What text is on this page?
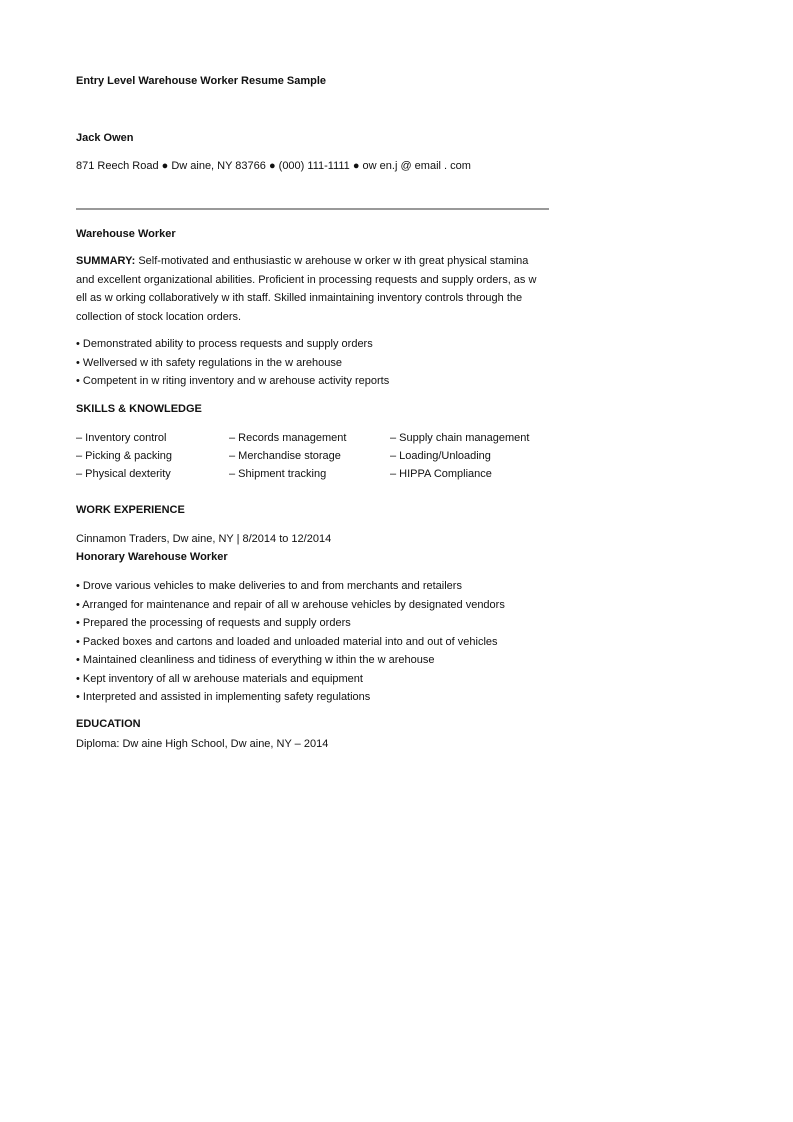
Entry Level Warehouse Worker Resume Sample
Jack Owen
871 Reech Road ● Dw aine, NY 83766 ● (000) 111-1111 ● ow en.j @ email . com
Warehouse Worker
SUMMARY: Self-motivated and enthusiastic w arehouse w orker w ith great physical stamina and excellent organizational abilities. Proficient in processing requests and supply orders, as w ell as w orking collaboratively w ith staff. Skilled inmaintaining inventory controls through the collection of stock location orders.
• Demonstrated ability to process requests and supply orders
• Wellversed w ith safety regulations in the w arehouse
• Competent in w riting inventory and w arehouse activity reports
SKILLS & KNOWLEDGE
– Inventory control
– Picking & packing
– Physical dexterity
– Records management
– Merchandise storage
– Shipment tracking
– Supply chain management
– Loading/Unloading
– HIPPA Compliance
WORK EXPERIENCE
Cinnamon Traders, Dw aine, NY | 8/2014 to 12/2014
Honorary Warehouse Worker
• Drove various vehicles to make deliveries to and from merchants and retailers
• Arranged for maintenance and repair of all w arehouse vehicles by designated vendors
• Prepared the processing of requests and supply orders
• Packed boxes and cartons and loaded and unloaded material into and out of vehicles
• Maintained cleanliness and tidiness of everything w ithin the w arehouse
• Kept inventory of all w arehouse materials and equipment
• Interpreted and assisted in implementing safety regulations
EDUCATION
Diploma: Dw aine High School, Dw aine, NY – 2014
